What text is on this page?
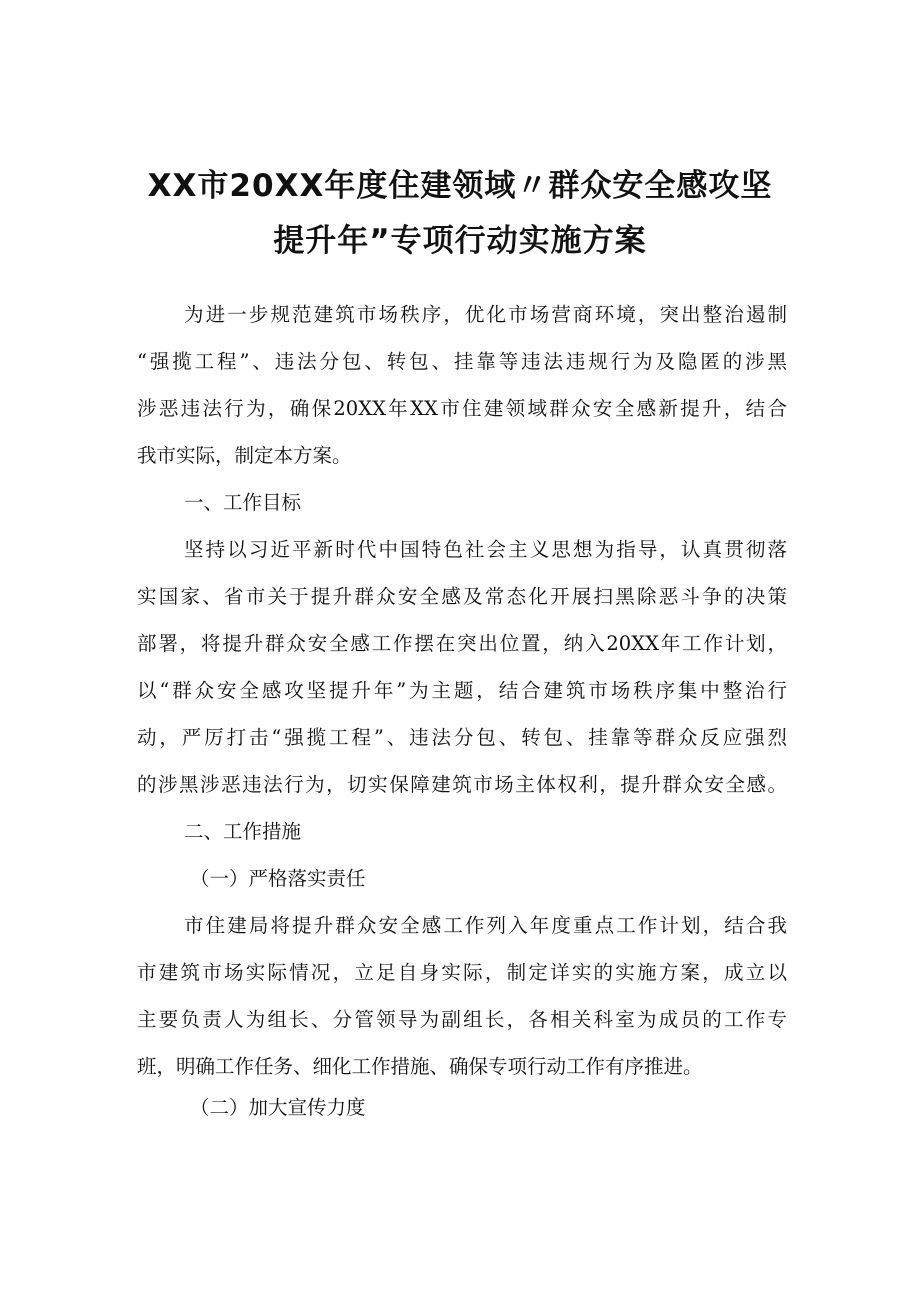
XX市20XX年度住建领域〃群众安全感攻坚
提升年”专项行动实施方案

为进一步规范建筑市场秩序，优化市场营商环境，突出整治遏制

“强揽工程”、违法分包、转包、挂靠等违法违规行为及隐匿的涉黑

涉恶违法行为，确保20XX年XX市住建领域群众安全感新提升，结合

我市实际，制定本方案。

一、工作目标

坚持以习近平新时代中国特色社会主义思想为指导，认真贯彻落

实国家、省市关于提升群众安全感及常态化开展扫黑除恶斗争的决策

部署，将提升群众安全感工作摆在突出位置，纳入20XX年工作计划，

以“群众安全感攻坚提升年”为主题，结合建筑市场秩序集中整治行

动，严厉打击“强揽工程”、违法分包、转包、挂靠等群众反应强烈

的涉黑涉恶违法行为，切实保障建筑市场主体权利，提升群众安全感。

二、工作措施

（一）严格落实责任

市住建局将提升群众安全感工作列入年度重点工作计划，结合我

市建筑市场实际情况，立足自身实际，制定详实的实施方案，成立以

主要负责人为组长、分管领导为副组长，各相关科室为成员的工作专

班，明确工作任务、细化工作措施、确保专项行动工作有序推进。

（二）加大宣传力度
